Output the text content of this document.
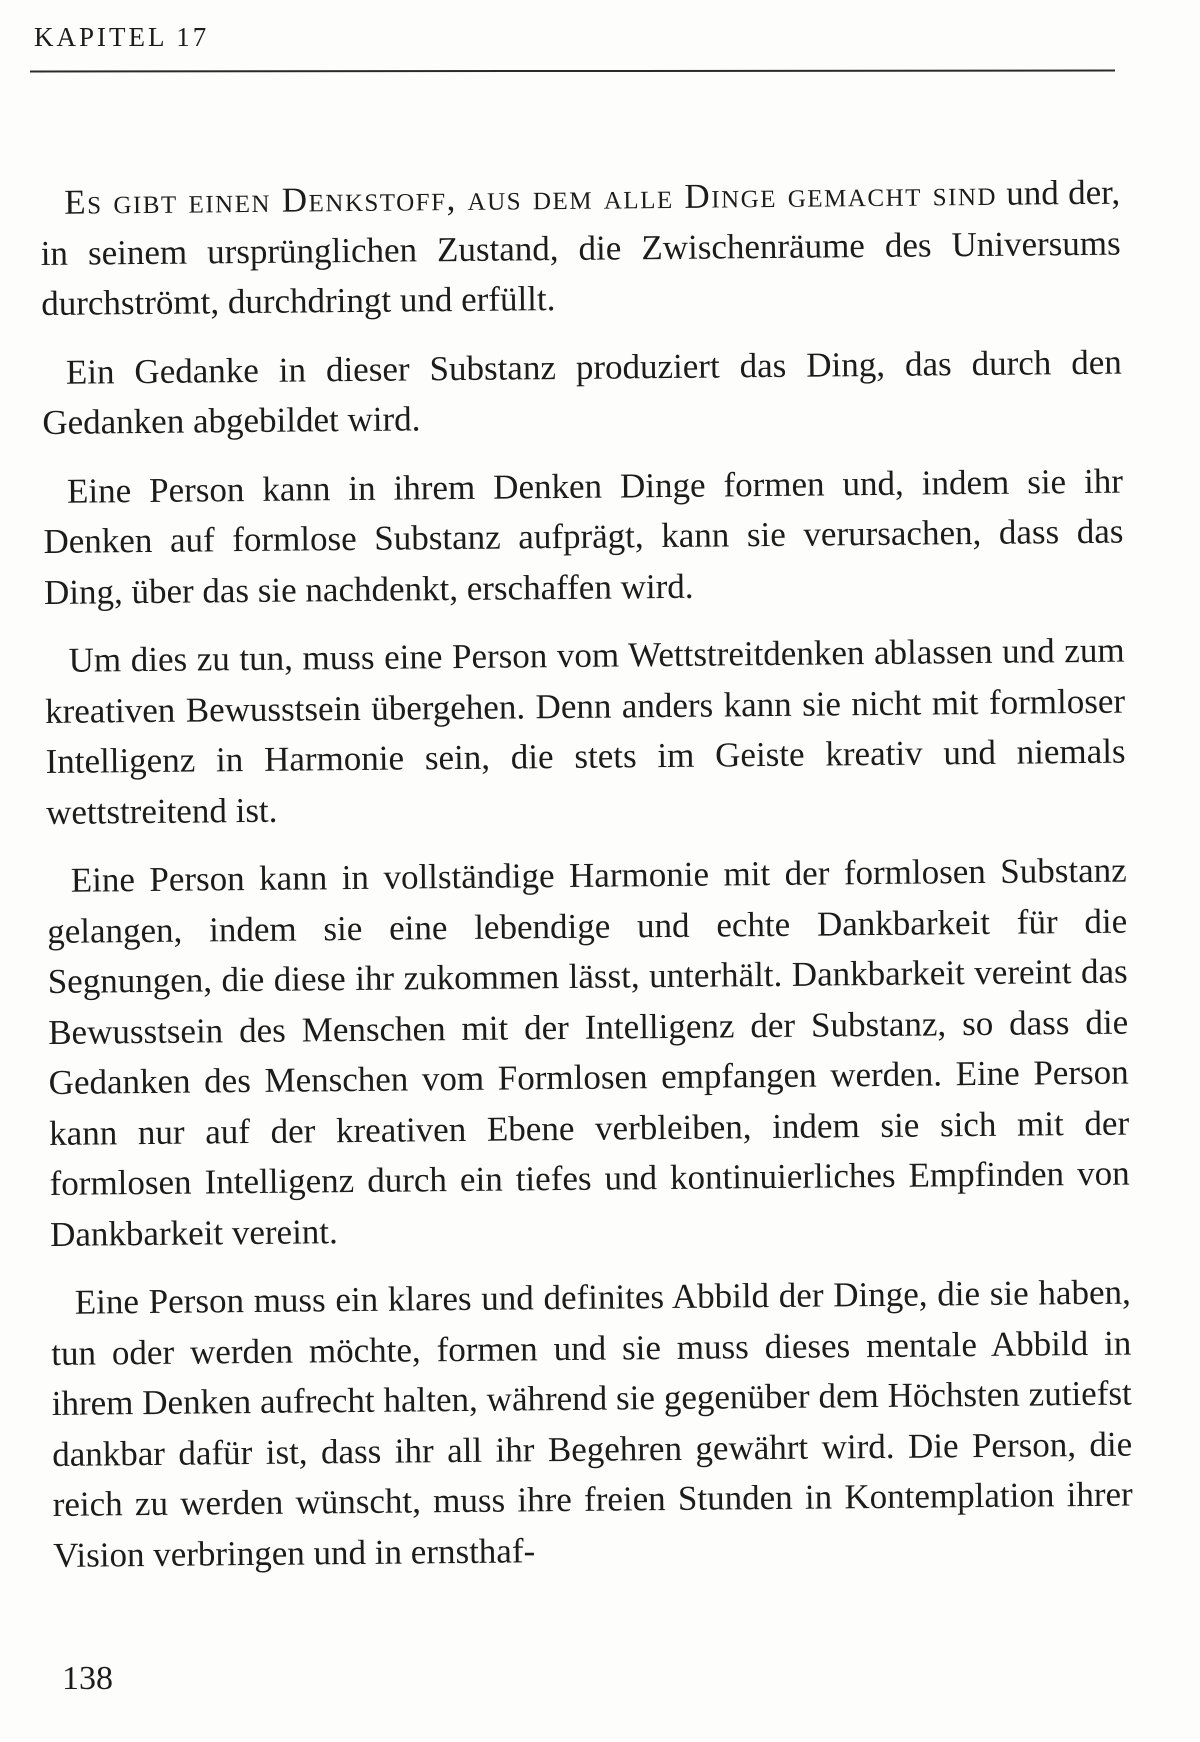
KAPITEL 17

Es gibt einen Denkstoff, aus dem alle Dinge gemacht sind und der, in seinem ursprünglichen Zustand, die Zwischenräume des Universums durchströmt, durchdringt und erfüllt.

Ein Gedanke in dieser Substanz produziert das Ding, das durch den Gedanken abgebildet wird.

Eine Person kann in ihrem Denken Dinge formen und, indem sie ihr Denken auf formlose Substanz aufprägt, kann sie verursachen, dass das Ding, über das sie nachdenkt, erschaffen wird.

Um dies zu tun, muss eine Person vom Wettstreitdenken ablassen und zum kreativen Bewusstsein übergehen. Denn anders kann sie nicht mit formloser Intelligenz in Harmonie sein, die stets im Geiste kreativ und niemals wettstreitend ist.

Eine Person kann in vollständige Harmonie mit der formlosen Substanz gelangen, indem sie eine lebendige und echte Dankbarkeit für die Segnungen, die diese ihr zukommen lässt, unterhält. Dankbarkeit vereint das Bewusstsein des Menschen mit der Intelligenz der Substanz, so dass die Gedanken des Menschen vom Formlosen empfangen werden. Eine Person kann nur auf der kreativen Ebene verbleiben, indem sie sich mit der formlosen Intelligenz durch ein tiefes und kontinuierliches Empfinden von Dankbarkeit vereint.

Eine Person muss ein klares und definites Abbild der Dinge, die sie haben, tun oder werden möchte, formen und sie muss dieses mentale Abbild in ihrem Denken aufrecht halten, während sie gegenüber dem Höchsten zutiefst dankbar dafür ist, dass ihr all ihr Begehren gewährt wird. Die Person, die reich zu werden wünscht, muss ihre freien Stunden in Kontemplation ihrer Vision verbringen und in ernsthaf-

138
